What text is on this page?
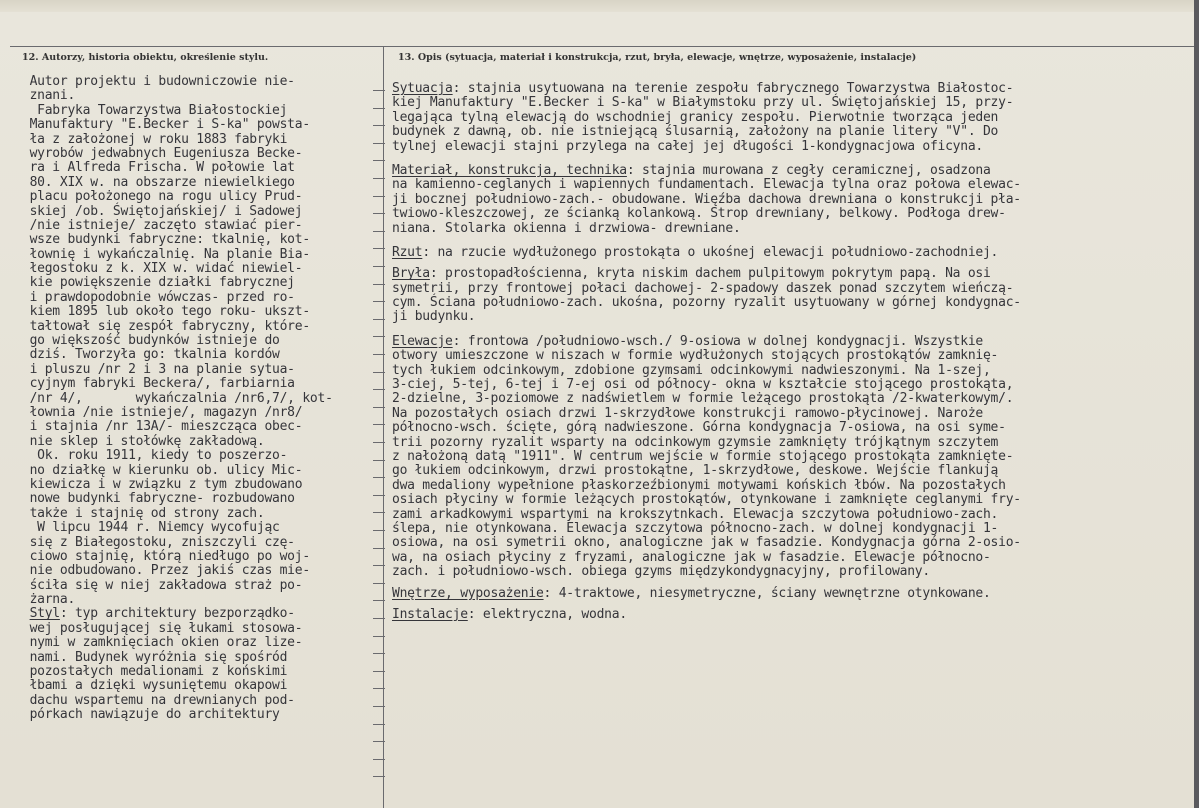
12. Autorzy, historia obiektu, określenie stylu.	13. Opis (sytuacja, materiał i konstrukcja, rzut, bryła, elewacje, wnętrze, wyposażenie, instalacje)
Autor projektu i budowniczowie nie-
znani.
Fabryka Towarzystwa Białostockiej
Manufaktury "E.Becker i S-ka" powsta-
ła z założonej w roku 1883 fabryki
wyrobów jedwabnych Eugeniusza Becke-
ra i Alfreda Frischa. W połowie lat
80. XIX w. na obszarze niewielkiego
placu położonego na rogu ulicy Prud-
skiej /ob. Świętojańskiej/ i Sadowej
/nie istnieje/ zaczęto stawiać pier-
wsze budynki fabryczne: tkalnię, kot-
łownię i wykańczalnię. Na planie Bia-
łegostoku z k. XIX w. widać niewiel-
kie powiększenie działki fabrycznej
i prawdopodobnie wówczas- przed ro-
kiem 1895 lub około tego roku- ukszt-
tałtował się zespół fabryczny, które-
go większość budynków istnieje do
dziś. Tworzyła go: tkalnia kordów
i pluszu /nr 2 i 3 na planie sytua-
cyjnym fabryki Beckera/, farbiarnia
/nr 4/,       wykańczalnia /nr6,7/, kot-
łownia /nie istnieje/, magazyn /nr8/
i stajnia /nr 13A/- mieszcząca obec-
nie sklep i stołówkę zakładową.
Ok. roku 1911, kiedy to poszerzo-
no działkę w kierunku ob. ulicy Mic-
kiewicza i w związku z tym zbudowano
nowe budynki fabryczne- rozbudowano
także i stajnię od strony zach.
W lipcu 1944 r. Niemcy wycofując
się z Białegostoku, zniszczyli czę-
ciowo stajnię, którą niedługo po woj-
nie odbudowano. Przez jakiś czas mie-
ściła się w niej zakładowa straż po-
żarna.
Styl: typ architektury bezporządko-
wej posługującej się łukami stosowa-
nymi w zamknięciach okien oraz lize-
nami. Budynek wyróżnia się spośród
pozostałych medalionami z końskimi
łbami a dzięki wysuniętemu okapowi
dachu wspartemu na drewnianych pod-
pórkach nawiązuje do architektury
Sytuacja: stajnia usytuowana na terenie zespołu fabrycznego Towarzystwa Białostoc-
kiej Manufaktury "E.Becker i S-ka" w Białymstoku przy ul. Świętojańskiej 15, przy-
legająca tylną elewacją do wschodniej granicy zespołu. Pierwotnie tworząca jeden
budynek z dawną, ob. nie istniejącą ślusarnią, założony na planie litery "V". Do
tylnej elewacji stajni przylega na całej jej długości 1-kondygnacjowa oficyna.
Materiał, konstrukcja, technika: stajnia murowana z cegły ceramicznej, osadzona
na kamienno-ceglanych i wapiennych fundamentach. Elewacja tylna oraz połowa elewac-
ji bocznej południowo-zach.- obudowane. Więźba dachowa drewniana o konstrukcji pła-
twiowo-kleszczowej, ze ścianką kolankową. Strop drewniany, belkowy. Podłoga drew-
niana. Stolarka okienna i drzwiowa- drewniane.
Rzut: na rzucie wydłużonego prostokąta o ukośnej elewacji południowo-zachodniej.
Bryła: prostopadłościenna, kryta niskim dachem pulpitowym pokrytym papą. Na osi
symetrii, przy frontowej połaci dachowej- 2-spadowy daszek ponad szczytem wieńczą-
cym. Ściana południowo-zach. ukośna, pozorny ryzalit usytuowany w górnej kondygnac-
ji budynku.
Elewacje: frontowa /południowo-wsch./ 9-osiowa w dolnej kondygnacji. Wszystkie
otwory umieszczone w niszach w formie wydłużonych stojących prostokątów zamknię-
tych łukiem odcinkowym, zdobione gzymsami odcinkowymi nadwieszonymi. Na 1-szej,
3-ciej, 5-tej, 6-tej i 7-ej osi od północy- okna w kształcie stojącego prostokąta,
2-dzielne, 3-poziomowe z nadświetlem w formie leżącego prostokąta /2-kwaterkowym/.
Na pozostałych osiach drzwi 1-skrzydłowe konstrukcji ramowo-płycinowej. Naroże
północno-wsch. ścięte, górą nadwieszone. Górna kondygnacja 7-osiowa, na osi syme-
trii pozorny ryzalit wsparty na odcinkowym gzymsie zamknięty trójkątnym szczytem
z nałożoną datą "1911". W centrum wejście w formie stojącego prostokąta zamknięte-
go łukiem odcinkowym, drzwi prostokątne, 1-skrzydłowe, deskowe. Wejście flankują
dwa medaliony wypełnione płaskorzeźbionymi motywami końskich łbów. Na pozostałych
osiach płyciny w formie leżących prostokątów, otynkowane i zamknięte ceglanymi fry-
zami arkadkowymi wspartymi na krokszytnkach. Elewacja szczytowa południowo-zach.
ślepa, nie otynkowana. Elewacja szczytowa północno-zach. w dolnej kondygnacji 1-
osiowa, na osi symetrii okno, analogiczne jak w fasadzie. Kondygnacja górna 2-osio-
wa, na osiach płyciny z fryzami, analogiczne jak w fasadzie. Elewacje północno-
zach. i południowo-wsch. obiega gzyms międzykondygnacyjny, profilowany.
Wnętrze, wyposażenie: 4-traktowe, niesymetryczne, ściany wewnętrzne otynkowane.
Instalacje: elektryczna, wodna.
